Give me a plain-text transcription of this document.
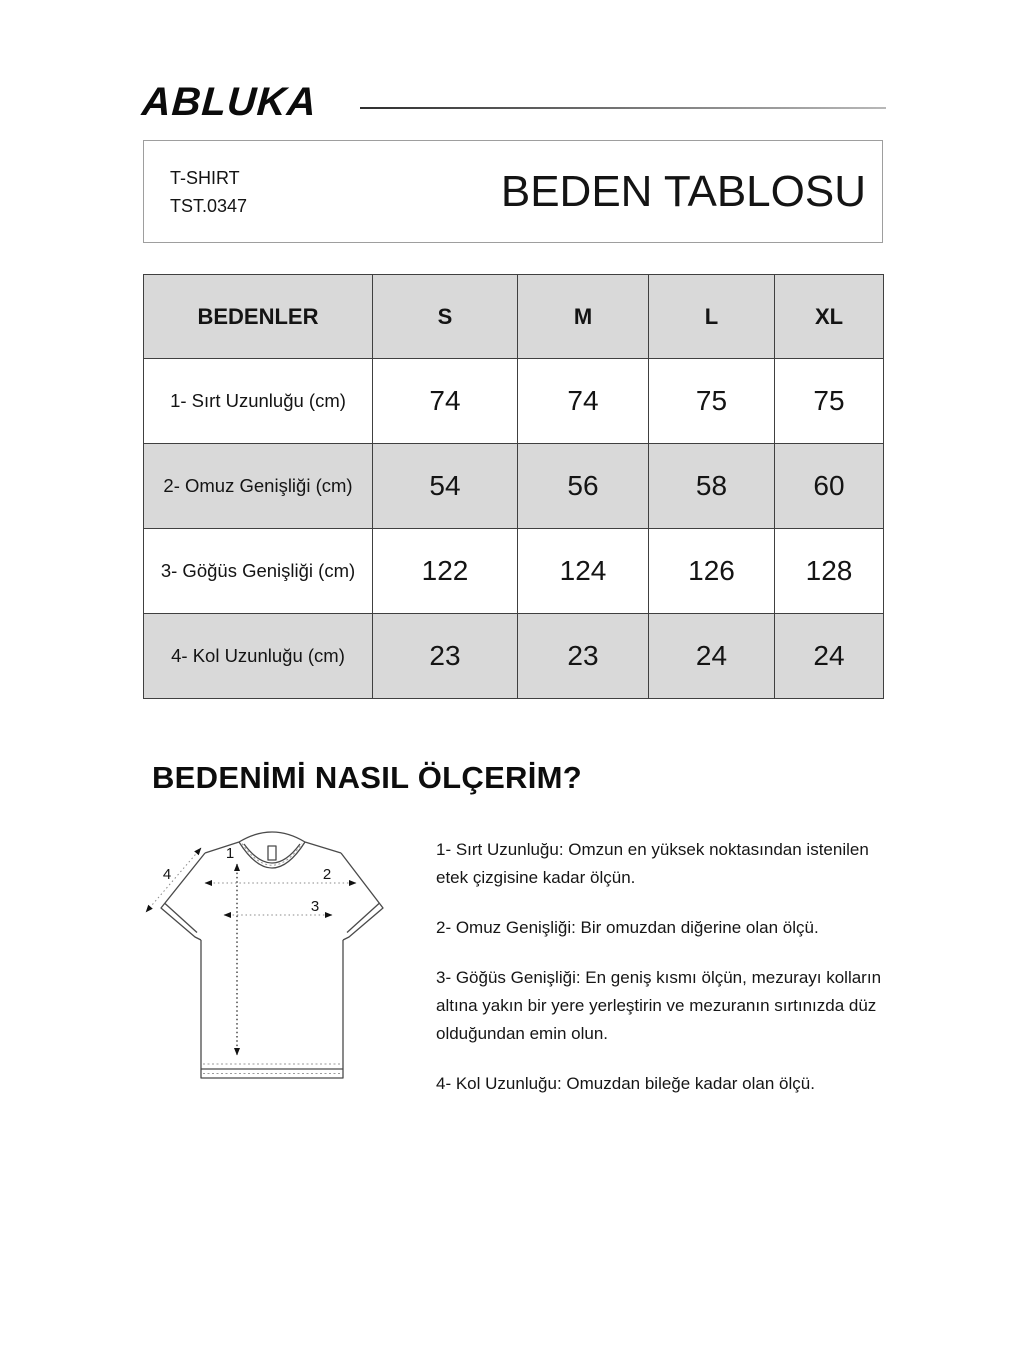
ABLUKA
T-SHIRT
TST.0347	BEDEN TABLOSU
BEDENLER	S	M	L	XL
1- Sırt Uzunluğu (cm)	74	74	75	75
2- Omuz Genişliği (cm)	54	56	58	60
3- Göğüs Genişliği (cm)	122	124	126	128
4- Kol Uzunluğu (cm)	23	23	24	24
BEDENİMİ NASIL ÖLÇERİM?
1
2
3
4

1- Sırt Uzunluğu: Omzun en yüksek noktasından istenilen etek çizgisine kadar ölçün.

2- Omuz Genişliği: Bir omuzdan diğerine olan ölçü.

3- Göğüs Genişliği: En geniş kısmı ölçün, mezurayı kolların altına yakın bir yere yerleştirin ve mezuranın sırtınızda düz olduğundan emin olun.

4- Kol Uzunluğu: Omuzdan bileğe kadar olan ölçü.
